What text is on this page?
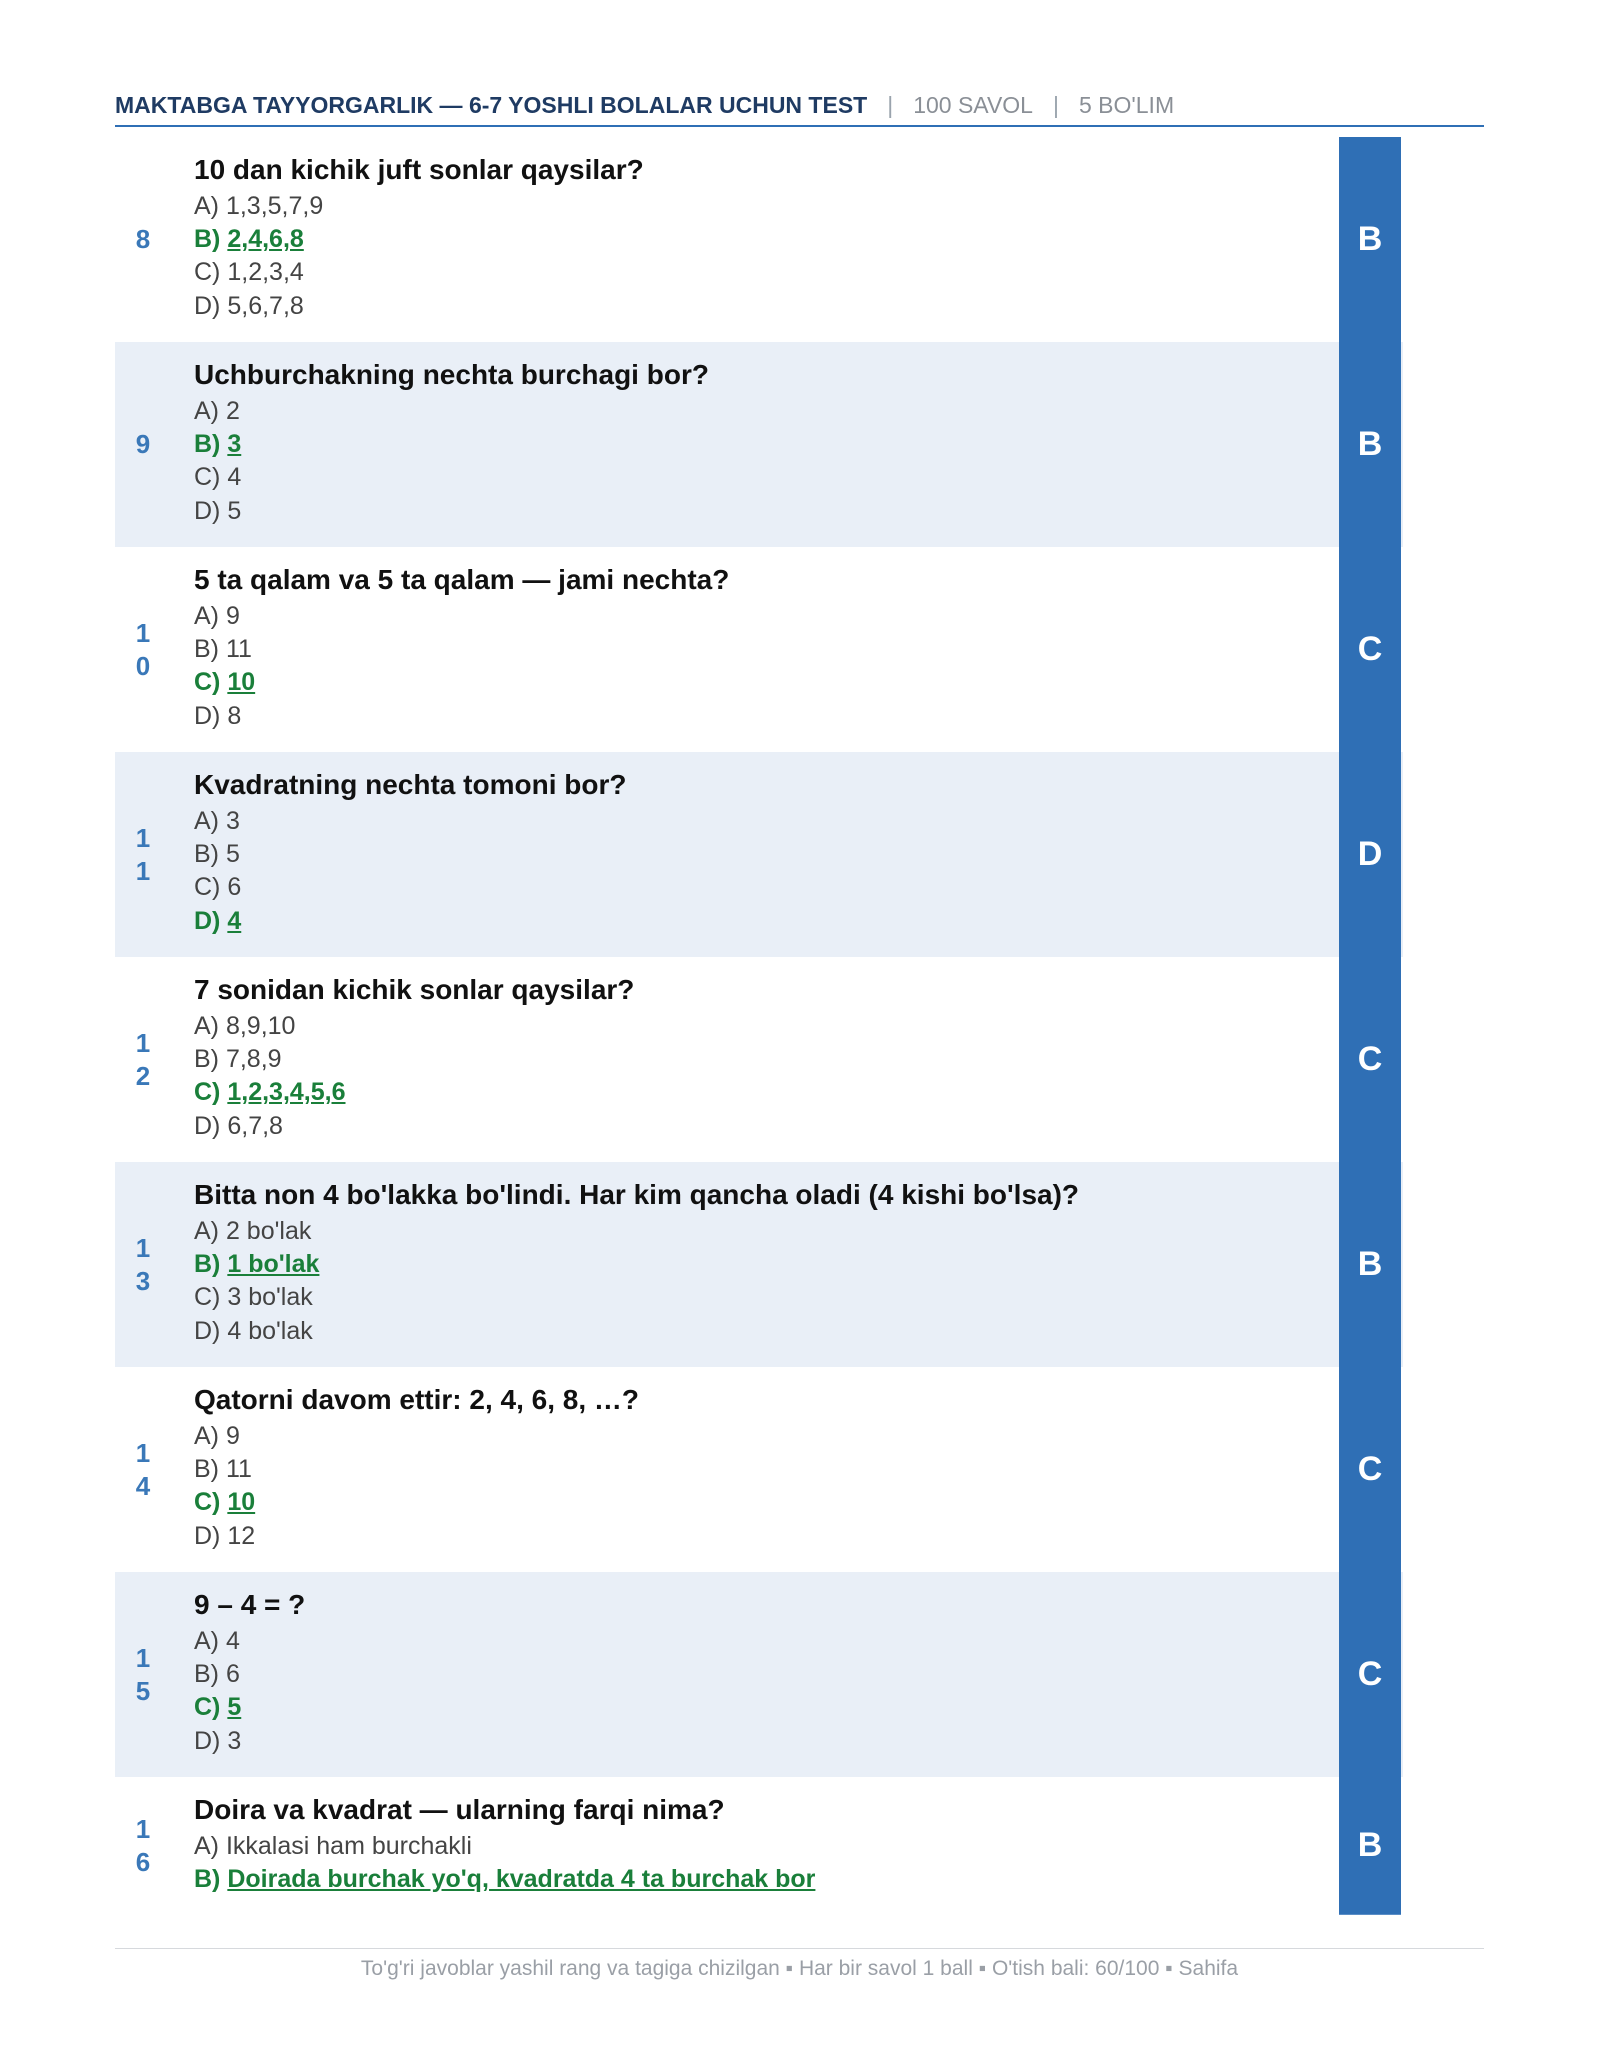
MAKTABGA TAYYORGARLIK — 6-7 YOSHLI BOLALAR UCHUN TEST | 100 SAVOL | 5 BO'LIM
8
10 dan kichik juft sonlar qaysilar?
A) 1,3,5,7,9
B) 2,4,6,8
C) 1,2,3,4
D) 5,6,7,8
B
9
Uchburchakning nechta burchagi bor?
A) 2
B) 3
C) 4
D) 5
B
10
5 ta qalam va 5 ta qalam — jami nechta?
A) 9
B) 11
C) 10
D) 8
C
11
Kvadratning nechta tomoni bor?
A) 3
B) 5
C) 6
D) 4
D
12
7 sonidan kichik sonlar qaysilar?
A) 8,9,10
B) 7,8,9
C) 1,2,3,4,5,6
D) 6,7,8
C
13
Bitta non 4 bo'lakka bo'lindi. Har kim qancha oladi (4 kishi bo'lsa)?
A) 2 bo'lak
B) 1 bo'lak
C) 3 bo'lak
D) 4 bo'lak
B
14
Qatorni davom ettir: 2, 4, 6, 8, …?
A) 9
B) 11
C) 10
D) 12
C
15
9 – 4 = ?
A) 4
B) 6
C) 5
D) 3
C
16
Doira va kvadrat — ularning farqi nima?
A) Ikkalasi ham burchakli
B) Doirada burchak yo'q, kvadratda 4 ta burchak bor
B
To'g'ri javoblar yashil rang va tagiga chizilgan ▪ Har bir savol 1 ball ▪ O'tish bali: 60/100 ▪ Sahifa
